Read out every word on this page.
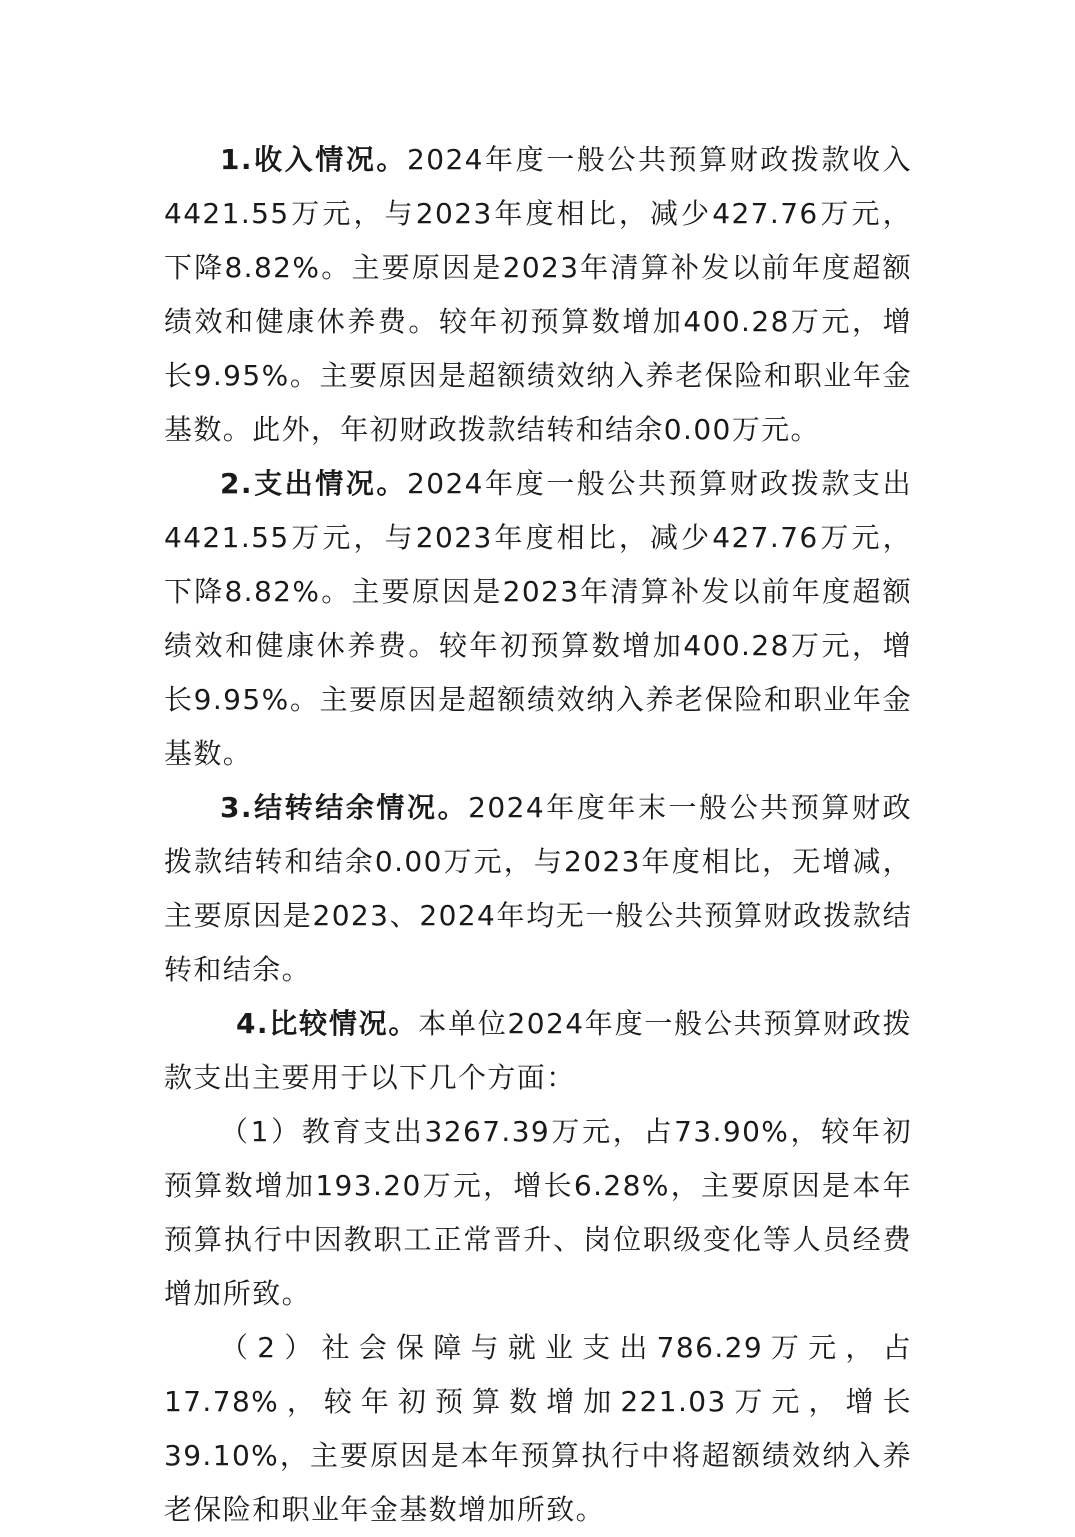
1.收入情况。2024年度一般公共预算财政拨款收入4421.55万元，与2023年度相比，减少427.76万元，下降8.82%。主要原因是2023年清算补发以前年度超额绩效和健康休养费。较年初预算数增加400.28万元，增长9.95%。主要原因是超额绩效纳入养老保险和职业年金基数。此外，年初财政拨款结转和结余0.00万元。

2.支出情况。2024年度一般公共预算财政拨款支出4421.55万元，与2023年度相比，减少427.76万元，下降8.82%。主要原因是2023年清算补发以前年度超额绩效和健康休养费。较年初预算数增加400.28万元，增长9.95%。主要原因是超额绩效纳入养老保险和职业年金基数。

3.结转结余情况。2024年度年末一般公共预算财政拨款结转和结余0.00万元，与2023年度相比，无增减，主要原因是2023、2024年均无一般公共预算财政拨款结转和结余。

4.比较情况。本单位2024年度一般公共预算财政拨款支出主要用于以下几个方面：

（1）教育支出3267.39万元，占73.90%，较年初预算数增加193.20万元，增长6.28%，主要原因是本年预算执行中因教职工正常晋升、岗位职级变化等人员经费增加所致。

（2）社会保障与就业支出786.29万元，占17.78%，较年初预算数增加221.03万元，增长39.10%，主要原因是本年预算执行中将超额绩效纳入养老保险和职业年金基数增加所致。
